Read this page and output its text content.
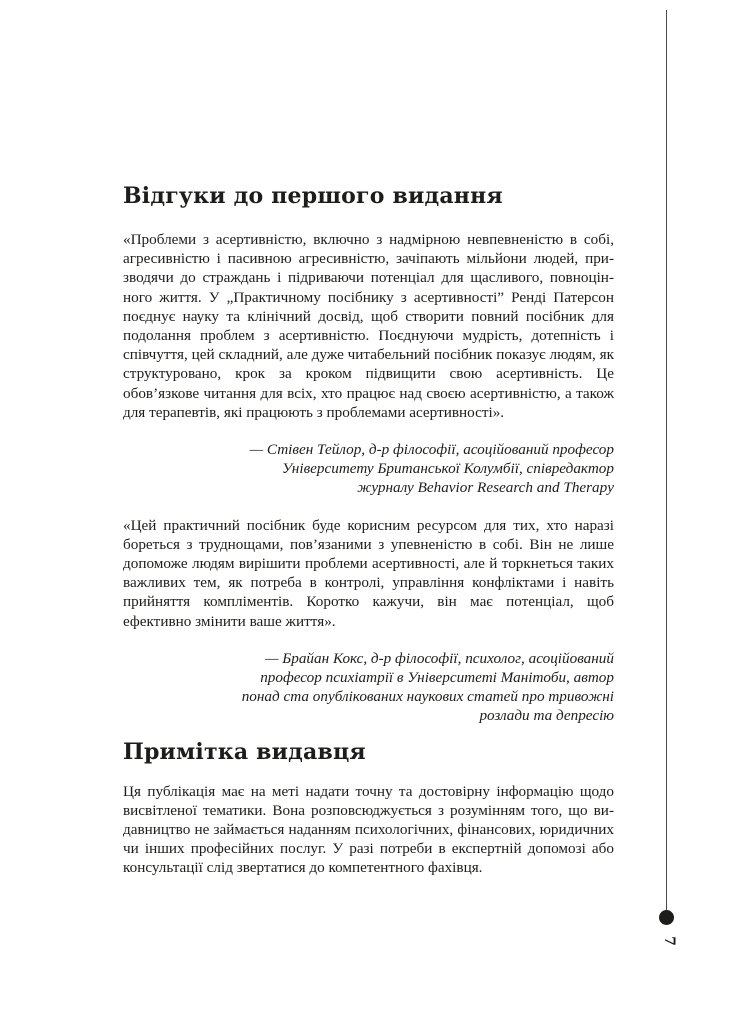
7
Відгуки до першого видання

«Проблеми з асертивністю, включно з надмірною невпевненістю в собі, агресивністю і пасивною агресивністю, зачіпають мільйони людей, призводячи до страждань і підриваючи потенціал для щасливого, повноцінного життя. У „Практичному посібнику з асертивності” Ренді Патерсон поєднує науку та клінічний досвід, щоб створити повний посібник для подолання проблем з асертивністю. Поєднуючи мудрість, дотепність і співчуття, цей складний, але дуже читабельний посібник показує людям, як структуровано, крок за кроком підвищити свою асертивність. Це обов’язкове читання для всіх, хто працює над своєю асертивністю, а також для терапевтів, які працюють з проблемами асертивності».

— Стівен Тейлор, д-р філософії, асоційований професор
Університету Британської Колумбії, співредактор
журналу Behavior Research and Therapy

«Цей практичний посібник буде корисним ресурсом для тих, хто наразі бореться з труднощами, пов’язаними з упевненістю в собі. Він не лише допоможе людям вирішити проблеми асертивності, але й торкнеться таких важливих тем, як потреба в контролі, управління конфліктами і навіть прийняття компліментів. Коротко кажучи, він має потенціал, щоб ефективно змінити ваше життя».

— Брайан Кокс, д-р філософії, психолог, асоційований
професор психіатрії в Університеті Манітоби, автор
понад ста опублікованих наукових статей про тривожні
розлади та депресію
Примітка видавця

Ця публікація має на меті надати точну та достовірну інформацію щодо висвітленої тематики. Вона розповсюджується з розумінням того, що видавництво не займається наданням психологічних, фінансових, юридичних чи інших професійних послуг. У разі потреби в експертній допомозі або консультації слід звертатися до компетентного фахівця.
